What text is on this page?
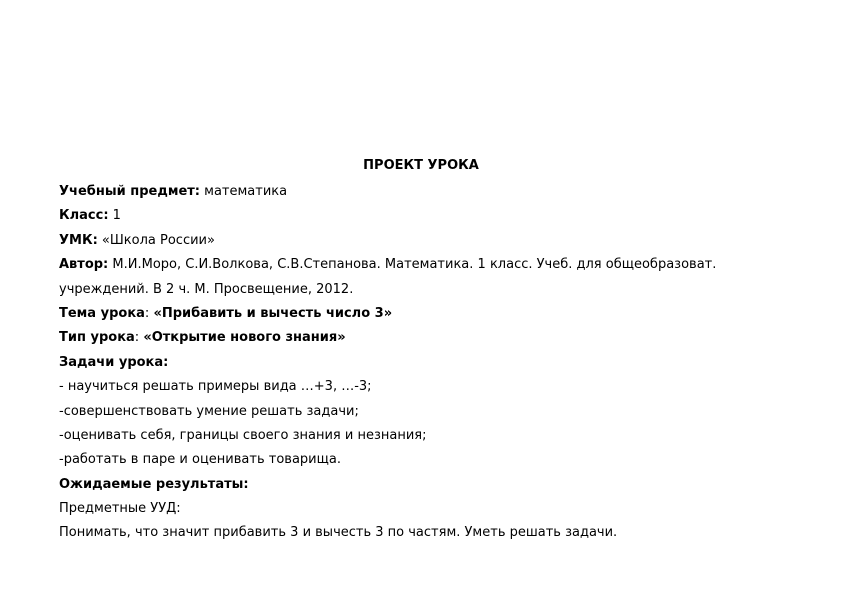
ПРОЕКТ УРОКА
Учебный предмет: математика
Класс: 1
УМК: «Школа России»
Автор: М.И.Моро, С.И.Волкова, С.В.Степанова. Математика. 1 класс. Учеб. для общеобразоват.
учреждений. В 2 ч. М. Просвещение, 2012.
Тема урока: «Прибавить и вычесть число 3»
Тип урока: «Открытие нового знания»
Задачи урока:
- научиться решать примеры вида …+3, …-3;
-совершенствовать умение решать задачи;
-оценивать себя, границы своего знания и незнания;
-работать в паре и оценивать товарища.
Ожидаемые результаты:
Предметные УУД:
Понимать, что значит прибавить 3 и вычесть 3 по частям. Уметь решать задачи.
